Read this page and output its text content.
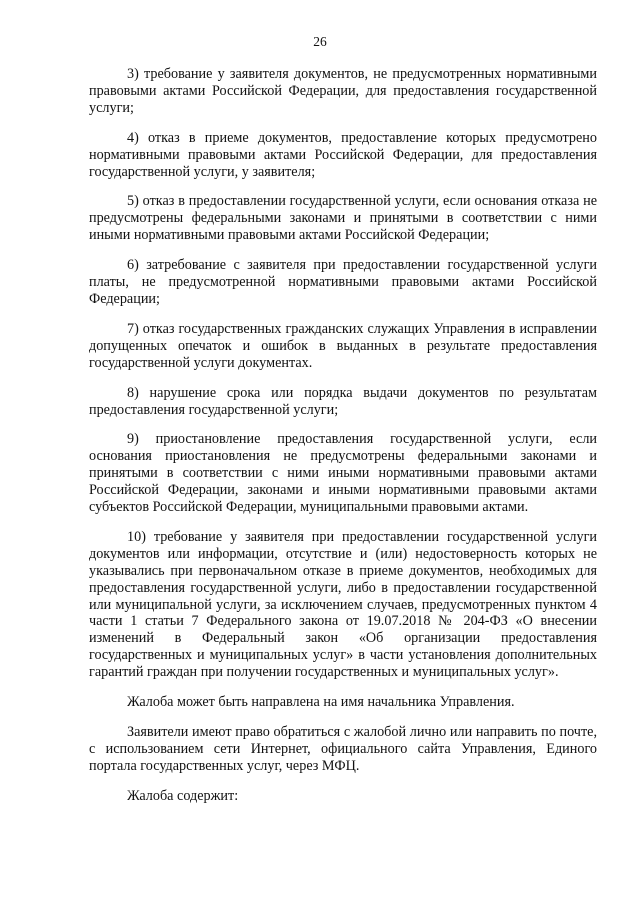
26

3) требование у заявителя документов, не предусмотренных нормативными правовыми актами Российской Федерации, для предоставления государственной услуги;

4) отказ в приеме документов, предоставление которых предусмотрено нормативными правовыми актами Российской Федерации, для предоставления государственной услуги, у заявителя;

5) отказ в предоставлении государственной услуги, если основания отказа не предусмотрены федеральными законами и принятыми в соответствии с ними иными нормативными правовыми актами Российской Федерации;

6) затребование с заявителя при предоставлении государственной услуги платы, не предусмотренной нормативными правовыми актами Российской Федерации;

7) отказ государственных гражданских служащих Управления в исправлении допущенных опечаток и ошибок в выданных в результате предоставления государственной услуги документах.

8) нарушение срока или порядка выдачи документов по результатам предоставления государственной услуги;

9) приостановление предоставления государственной услуги, если основания приостановления не предусмотрены федеральными законами и принятыми в соответствии с ними иными нормативными правовыми актами Российской Федерации, законами и иными нормативными правовыми актами субъектов Российской Федерации, муниципальными правовыми актами.

10) требование у заявителя при предоставлении государственной услуги документов или информации, отсутствие и (или) недостоверность которых не указывались при первоначальном отказе в приеме документов, необходимых для предоставления государственной услуги, либо в предоставлении государственной или муниципальной услуги, за исключением случаев, предусмотренных пунктом 4 части 1 статьи 7 Федерального закона от 19.07.2018 № 204-ФЗ «О внесении изменений в Федеральный закон «Об организации предоставления государственных и муниципальных услуг» в части установления дополнительных гарантий граждан при получении государственных и муниципальных услуг».

Жалоба может быть направлена на имя начальника Управления.

Заявители имеют право обратиться с жалобой лично или направить по почте, с использованием сети Интернет, официального сайта Управления, Единого портала государственных услуг, через МФЦ.

Жалоба содержит:
